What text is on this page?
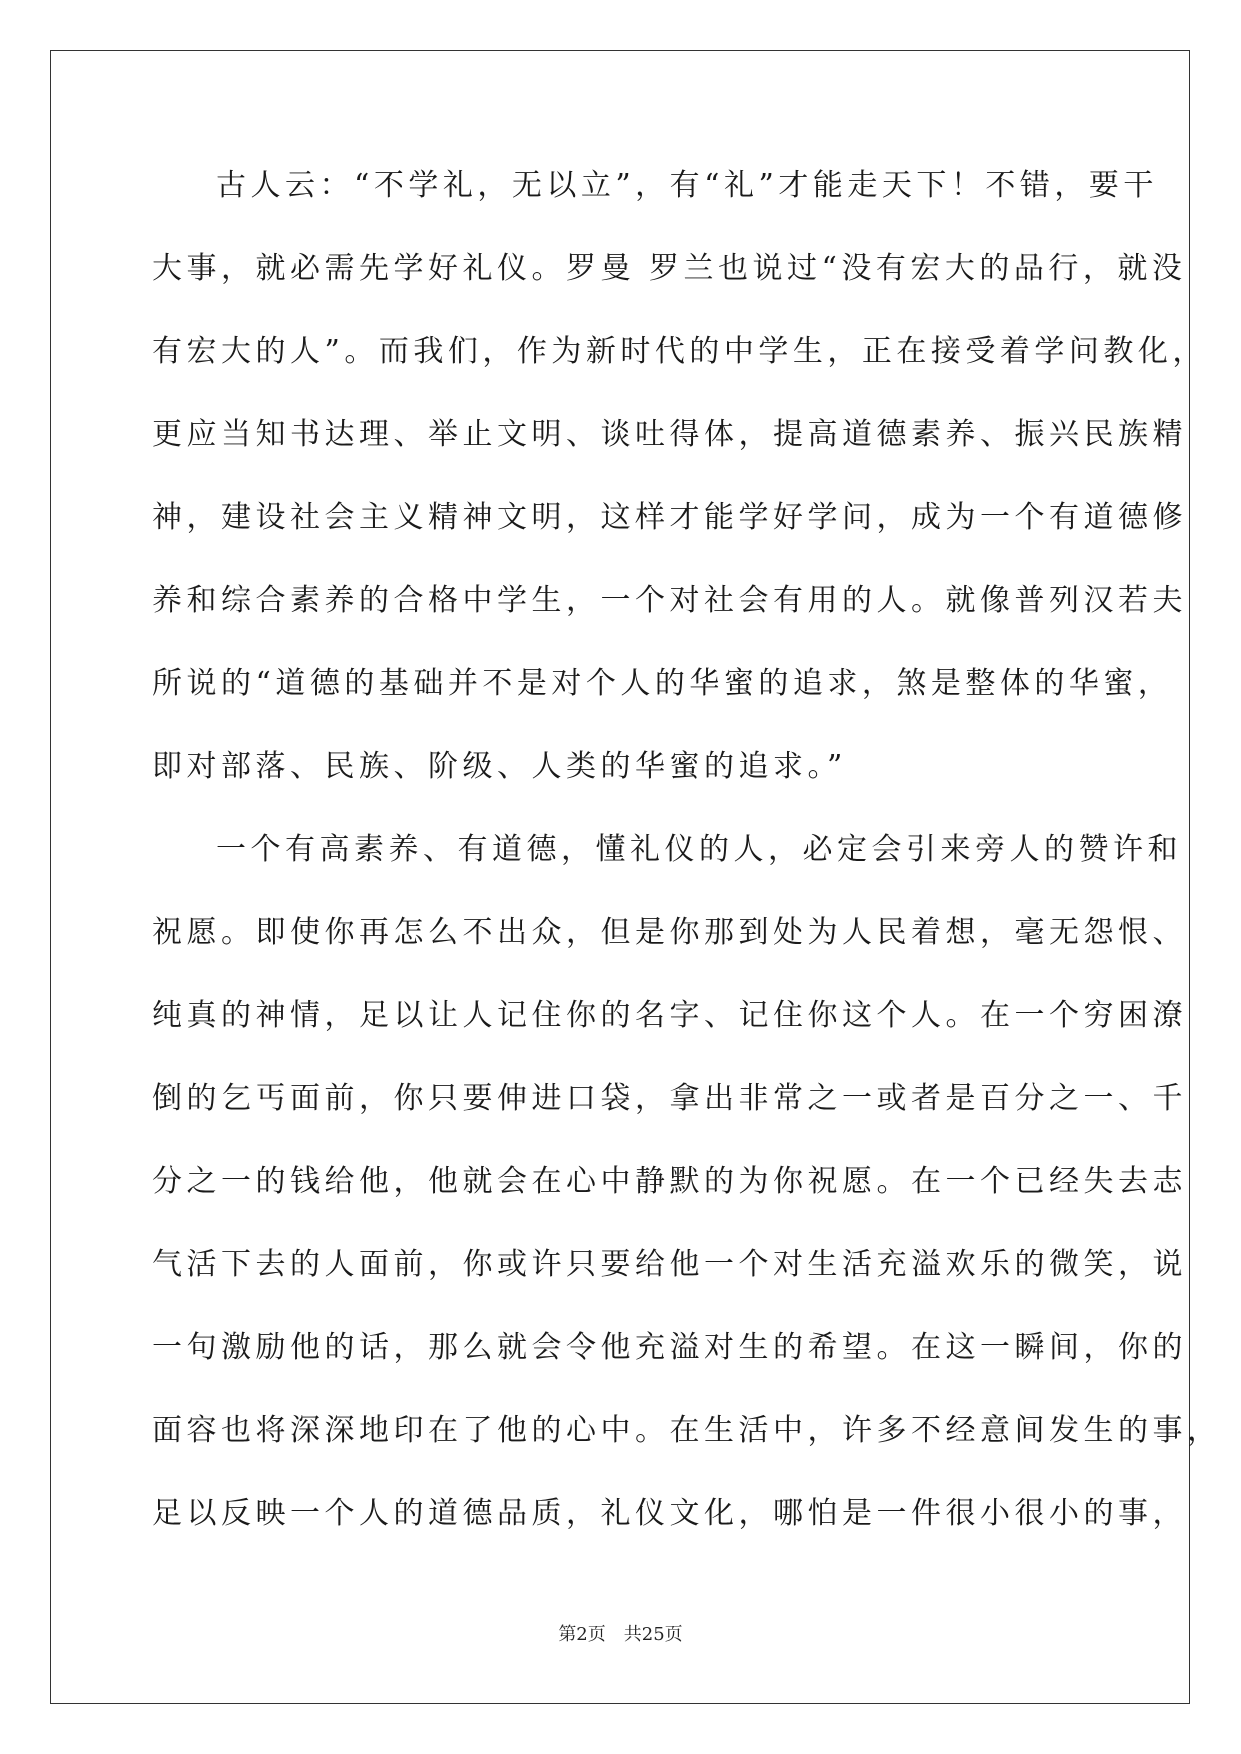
古人云：“不学礼，无以立”，有“礼”才能走天下！不错，要干
大事，就必需先学好礼仪。罗曼 罗兰也说过“没有宏大的品行，就没
有宏大的人”。而我们，作为新时代的中学生，正在接受着学问教化，
更应当知书达理、举止文明、谈吐得体，提高道德素养、振兴民族精
神，建设社会主义精神文明，这样才能学好学问，成为一个有道德修
养和综合素养的合格中学生，一个对社会有用的人。就像普列汉若夫
所说的“道德的基础并不是对个人的华蜜的追求，煞是整体的华蜜，
即对部落、民族、阶级、人类的华蜜的追求。”
一个有高素养、有道德，懂礼仪的人，必定会引来旁人的赞许和
祝愿。即使你再怎么不出众，但是你那到处为人民着想，毫无怨恨、
纯真的神情，足以让人记住你的名字、记住你这个人。在一个穷困潦
倒的乞丐面前，你只要伸进口袋，拿出非常之一或者是百分之一、千
分之一的钱给他，他就会在心中静默的为你祝愿。在一个已经失去志
气活下去的人面前，你或许只要给他一个对生活充溢欢乐的微笑，说
一句激励他的话，那么就会令他充溢对生的希望。在这一瞬间，你的
面容也将深深地印在了他的心中。在生活中，许多不经意间发生的事，
足以反映一个人的道德品质，礼仪文化，哪怕是一件很小很小的事，
第2页 共25页
